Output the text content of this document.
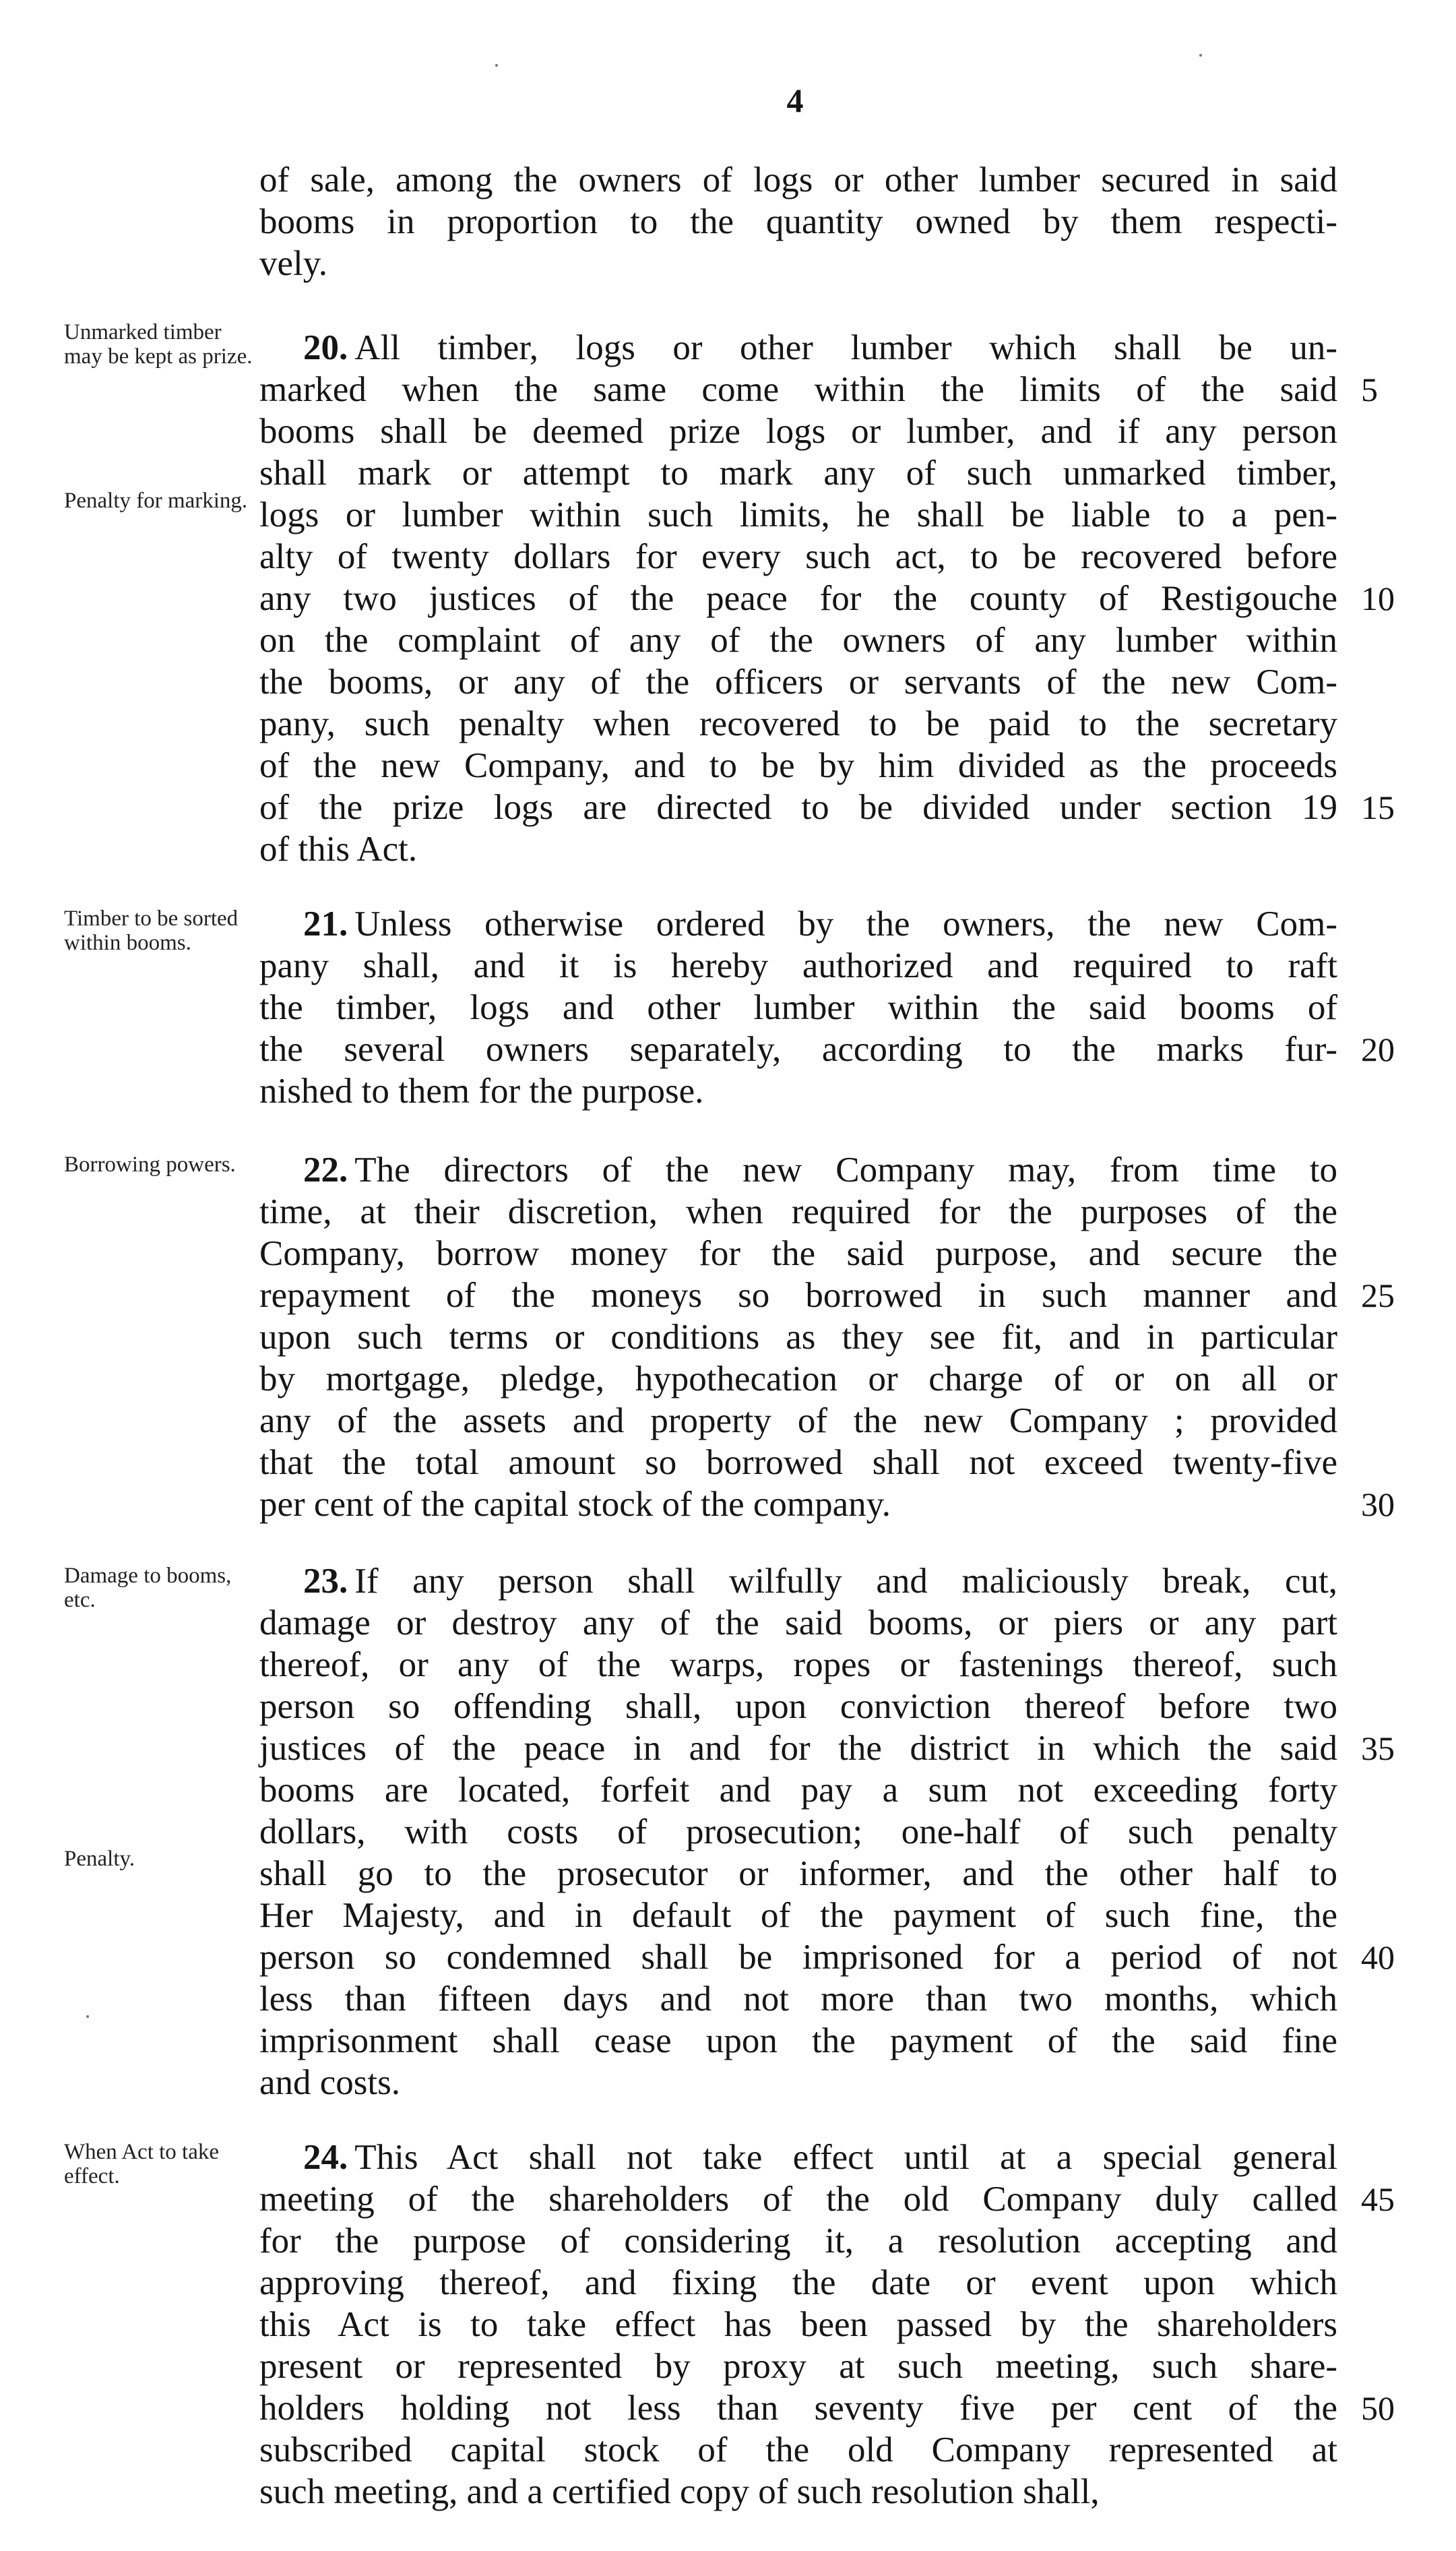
4
of sale, among the owners of logs or other lumber secured in said
booms in proportion to the quantity owned by them respecti-
vely.
Unmarked timber may be kept as prize.
Penalty for marking.
20. All timber, logs or other lumber which shall be un-
marked when the same come within the limits of the said
booms shall be deemed prize logs or lumber, and if any person
shall mark or attempt to mark any of such unmarked timber,
logs or lumber within such limits, he shall be liable to a pen-
alty of twenty dollars for every such act, to be recovered before
any two justices of the peace for the county of Restigouche
on the complaint of any of the owners of any lumber within
the booms, or any of the officers or servants of the new Com-
pany, such penalty when recovered to be paid to the secretary
of the new Company, and to be by him divided as the proceeds
of the prize logs are directed to be divided under section 19
of this Act.
Timber to be sorted within booms.	21. Unless otherwise ordered by the owners, the new Com-
pany shall, and it is hereby authorized and required to raft
the timber, logs and other lumber within the said booms of
the several owners separately, according to the marks fur-
nished to them for the purpose.
Borrowing powers.	22. The directors of the new Company may, from time to
time, at their discretion, when required for the purposes of the
Company, borrow money for the said purpose, and secure the
repayment of the moneys so borrowed in such manner and
upon such terms or conditions as they see fit, and in particular
by mortgage, pledge, hypothecation or charge of or on all or
any of the assets and property of the new Company ; provided
that the total amount so borrowed shall not exceed twenty-five
per cent of the capital stock of the company.
Damage to booms, etc.
Penalty.
23. If any person shall wilfully and maliciously break, cut,
damage or destroy any of the said booms, or piers or any part
thereof, or any of the warps, ropes or fastenings thereof, such
person so offending shall, upon conviction thereof before two
justices of the peace in and for the district in which the said
booms are located, forfeit and pay a sum not exceeding forty
dollars, with costs of prosecution; one-half of such penalty
shall go to the prosecutor or informer, and the other half to
Her Majesty, and in default of the payment of such fine, the
person so condemned shall be imprisoned for a period of not
less than fifteen days and not more than two months, which
imprisonment shall cease upon the payment of the said fine
and costs.
When Act to take effect.	24. This Act shall not take effect until at a special general
meeting of the shareholders of the old Company duly called
for the purpose of considering it, a resolution accepting and
approving thereof, and fixing the date or event upon which
this Act is to take effect has been passed by the shareholders
present or represented by proxy at such meeting, such share-
holders holding not less than seventy five per cent of the
subscribed capital stock of the old Company represented at
such meeting, and a certified copy of such resolution shall,
5
10
15
20
25
30
35
40
45
50
